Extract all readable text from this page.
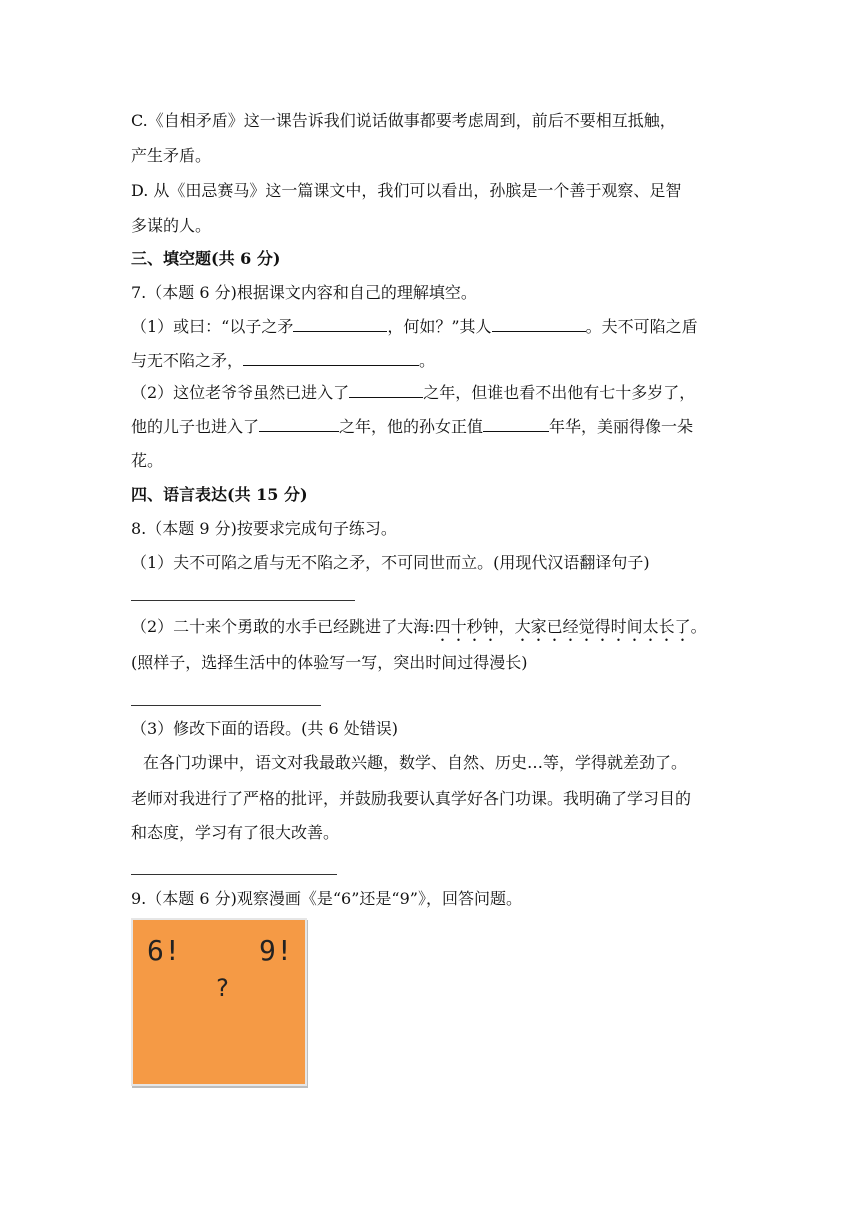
C.《自相矛盾》这一课告诉我们说话做事都要考虑周到，前后不要相互抵触，
产生矛盾。
D. 从《田忌赛马》这一篇课文中，我们可以看出，孙膑是一个善于观察、足智
多谋的人。
三、填空题(共 6 分)
7.（本题 6 分)根据课文内容和自己的理解填空。
（1）或曰：“以子之矛	，何如？”其人	。夫不可陷之盾
与无不陷之矛，	。
（2）这位老爷爷虽然已进入了	之年，但谁也看不出他有七十多岁了，
他的儿子也进入了	之年，他的孙女正值	年华，美丽得像一朵
花。
四、语言表达(共 15 分)
8.（本题 9 分)按要求完成句子练习。
（1）夫不可陷之盾与无不陷之矛，不可同世而立。(用现代汉语翻译句子)
（2）二十来个勇敢的水手已经跳进了大海:四十秒钟，大家已经觉得时间太长了。
(照样子，选择生活中的体验写一写，突出时间过得漫长)
（3）修改下面的语段。(共 6 处错误)
在各门功课中，语文对我最敢兴趣，数学、自然、历史…等，学得就差劲了。
老师对我进行了严格的批评，并鼓励我要认真学好各门功课。我明确了学习目的
和态度，学习有了很大改善。
9.（本题 6 分)观察漫画《是“6”还是“9”》，回答问题。
6!	9!
?
